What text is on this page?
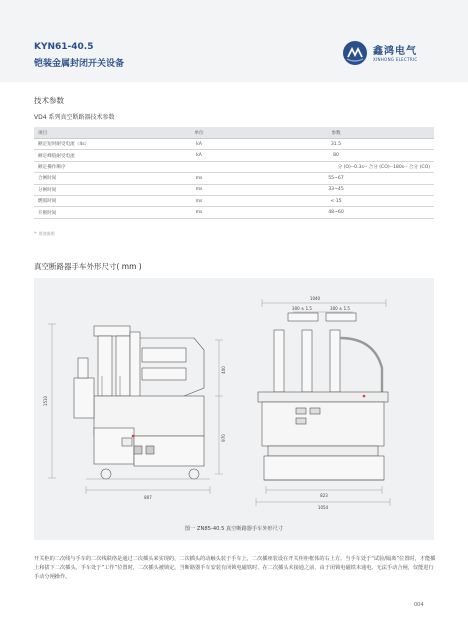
KYN61-40.5
铠装金属封闭开关设备
鑫鸿电气
XINHONG ELECTRIC
技术参数
VD4 系列真空断路器技术参数
项目	单位	参数
额定短时耐受电流（4s）	kA	31.5
额定峰值耐受电流	kA	80
额定操作顺序		分 (O)--0.3s-- 合分 (CO)--180s-- 合分 (CO)
合闸时间	ms	55~67
分闸时间	ms	33~45
燃弧时间	ms	< 15
开断时间	ms	48~60
*: 用途说明
真空断路器手车外形尺寸( mm )
1040
300 ± 1.5	300 ± 1.5
400
970
1510
807	823
1054
图一 ZN85-40.5 真空断路器手车外形尺寸
开关柜的二次线与手车的二次线联络是通过二次插头来实现的，二次插头的动触头装于手车上，二次插座装设在开关柜柜框体的右上方。当手车处于“试验/隔离”位置时，才能插上和拔下二次插头。手车处于“工作”位置时，二次插头被锁定。当断路器手车安装有闭锁电磁铁时，在二次插头未接通之前，由于闭锁电磁铁未通电，无法手动合闸，仅能进行手动分闸操作。
004
